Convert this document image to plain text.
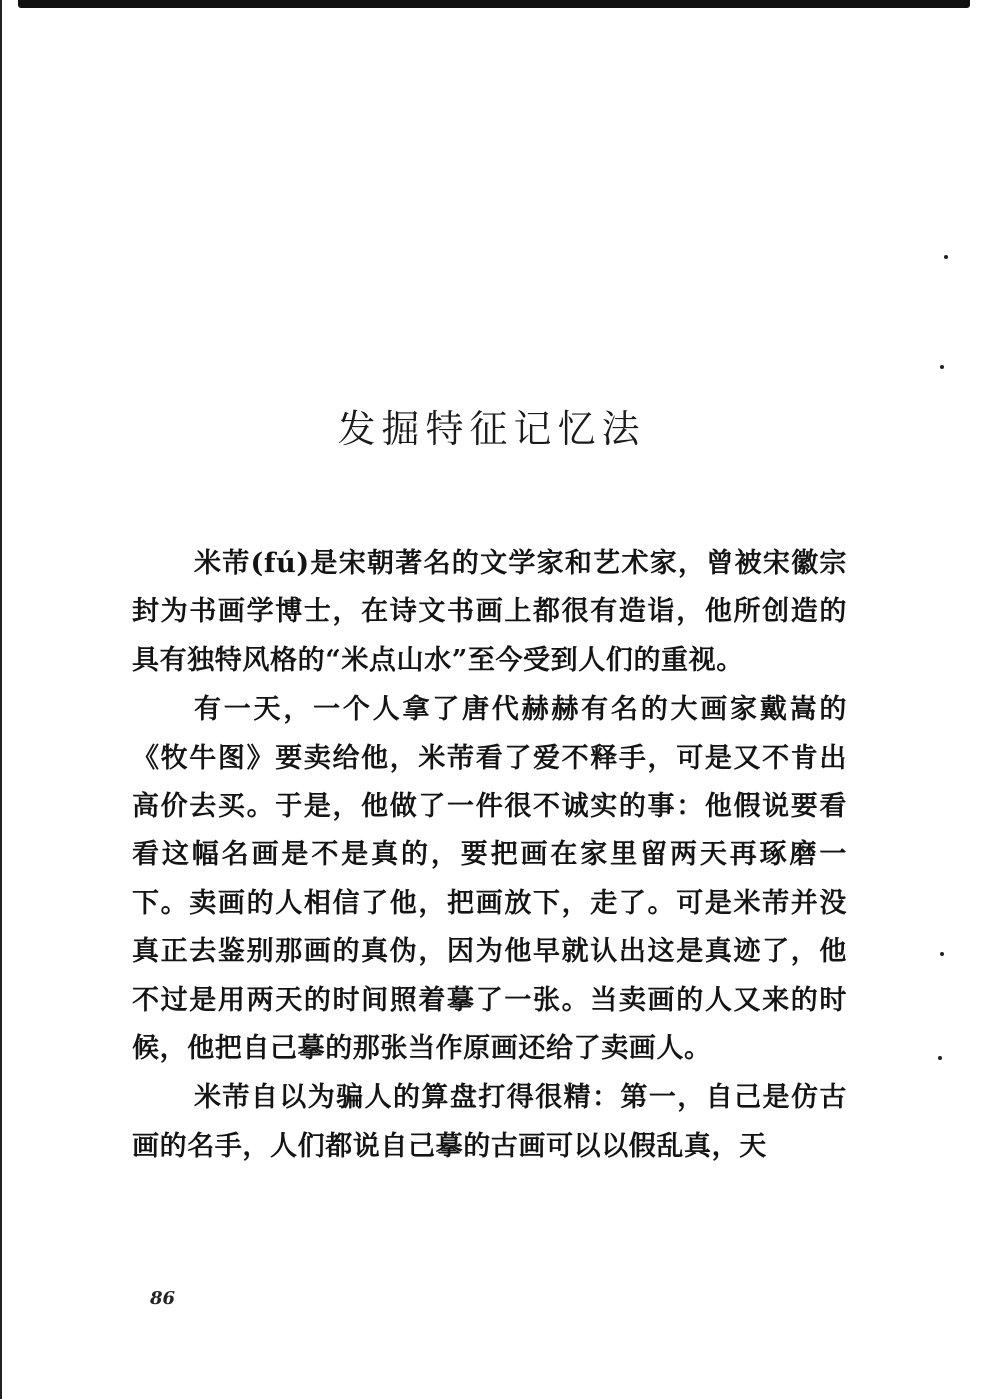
发掘特征记忆法

米芾(fú)是宋朝著名的文学家和艺术家，曾被宋徽宗封为书画学博士，在诗文书画上都很有造诣，他所创造的具有独特风格的“米点山水”至今受到人们的重视。

有一天，一个人拿了唐代赫赫有名的大画家戴嵩的《牧牛图》要卖给他，米芾看了爱不释手，可是又不肯出高价去买。于是，他做了一件很不诚实的事：他假说要看看这幅名画是不是真的，要把画在家里留两天再琢磨一下。卖画的人相信了他，把画放下，走了。可是米芾并没真正去鉴别那画的真伪，因为他早就认出这是真迹了，他不过是用两天的时间照着摹了一张。当卖画的人又来的时候，他把自己摹的那张当作原画还给了卖画人。

米芾自以为骗人的算盘打得很精：第一，自己是仿古画的名手，人们都说自己摹的古画可以以假乱真，天

86
